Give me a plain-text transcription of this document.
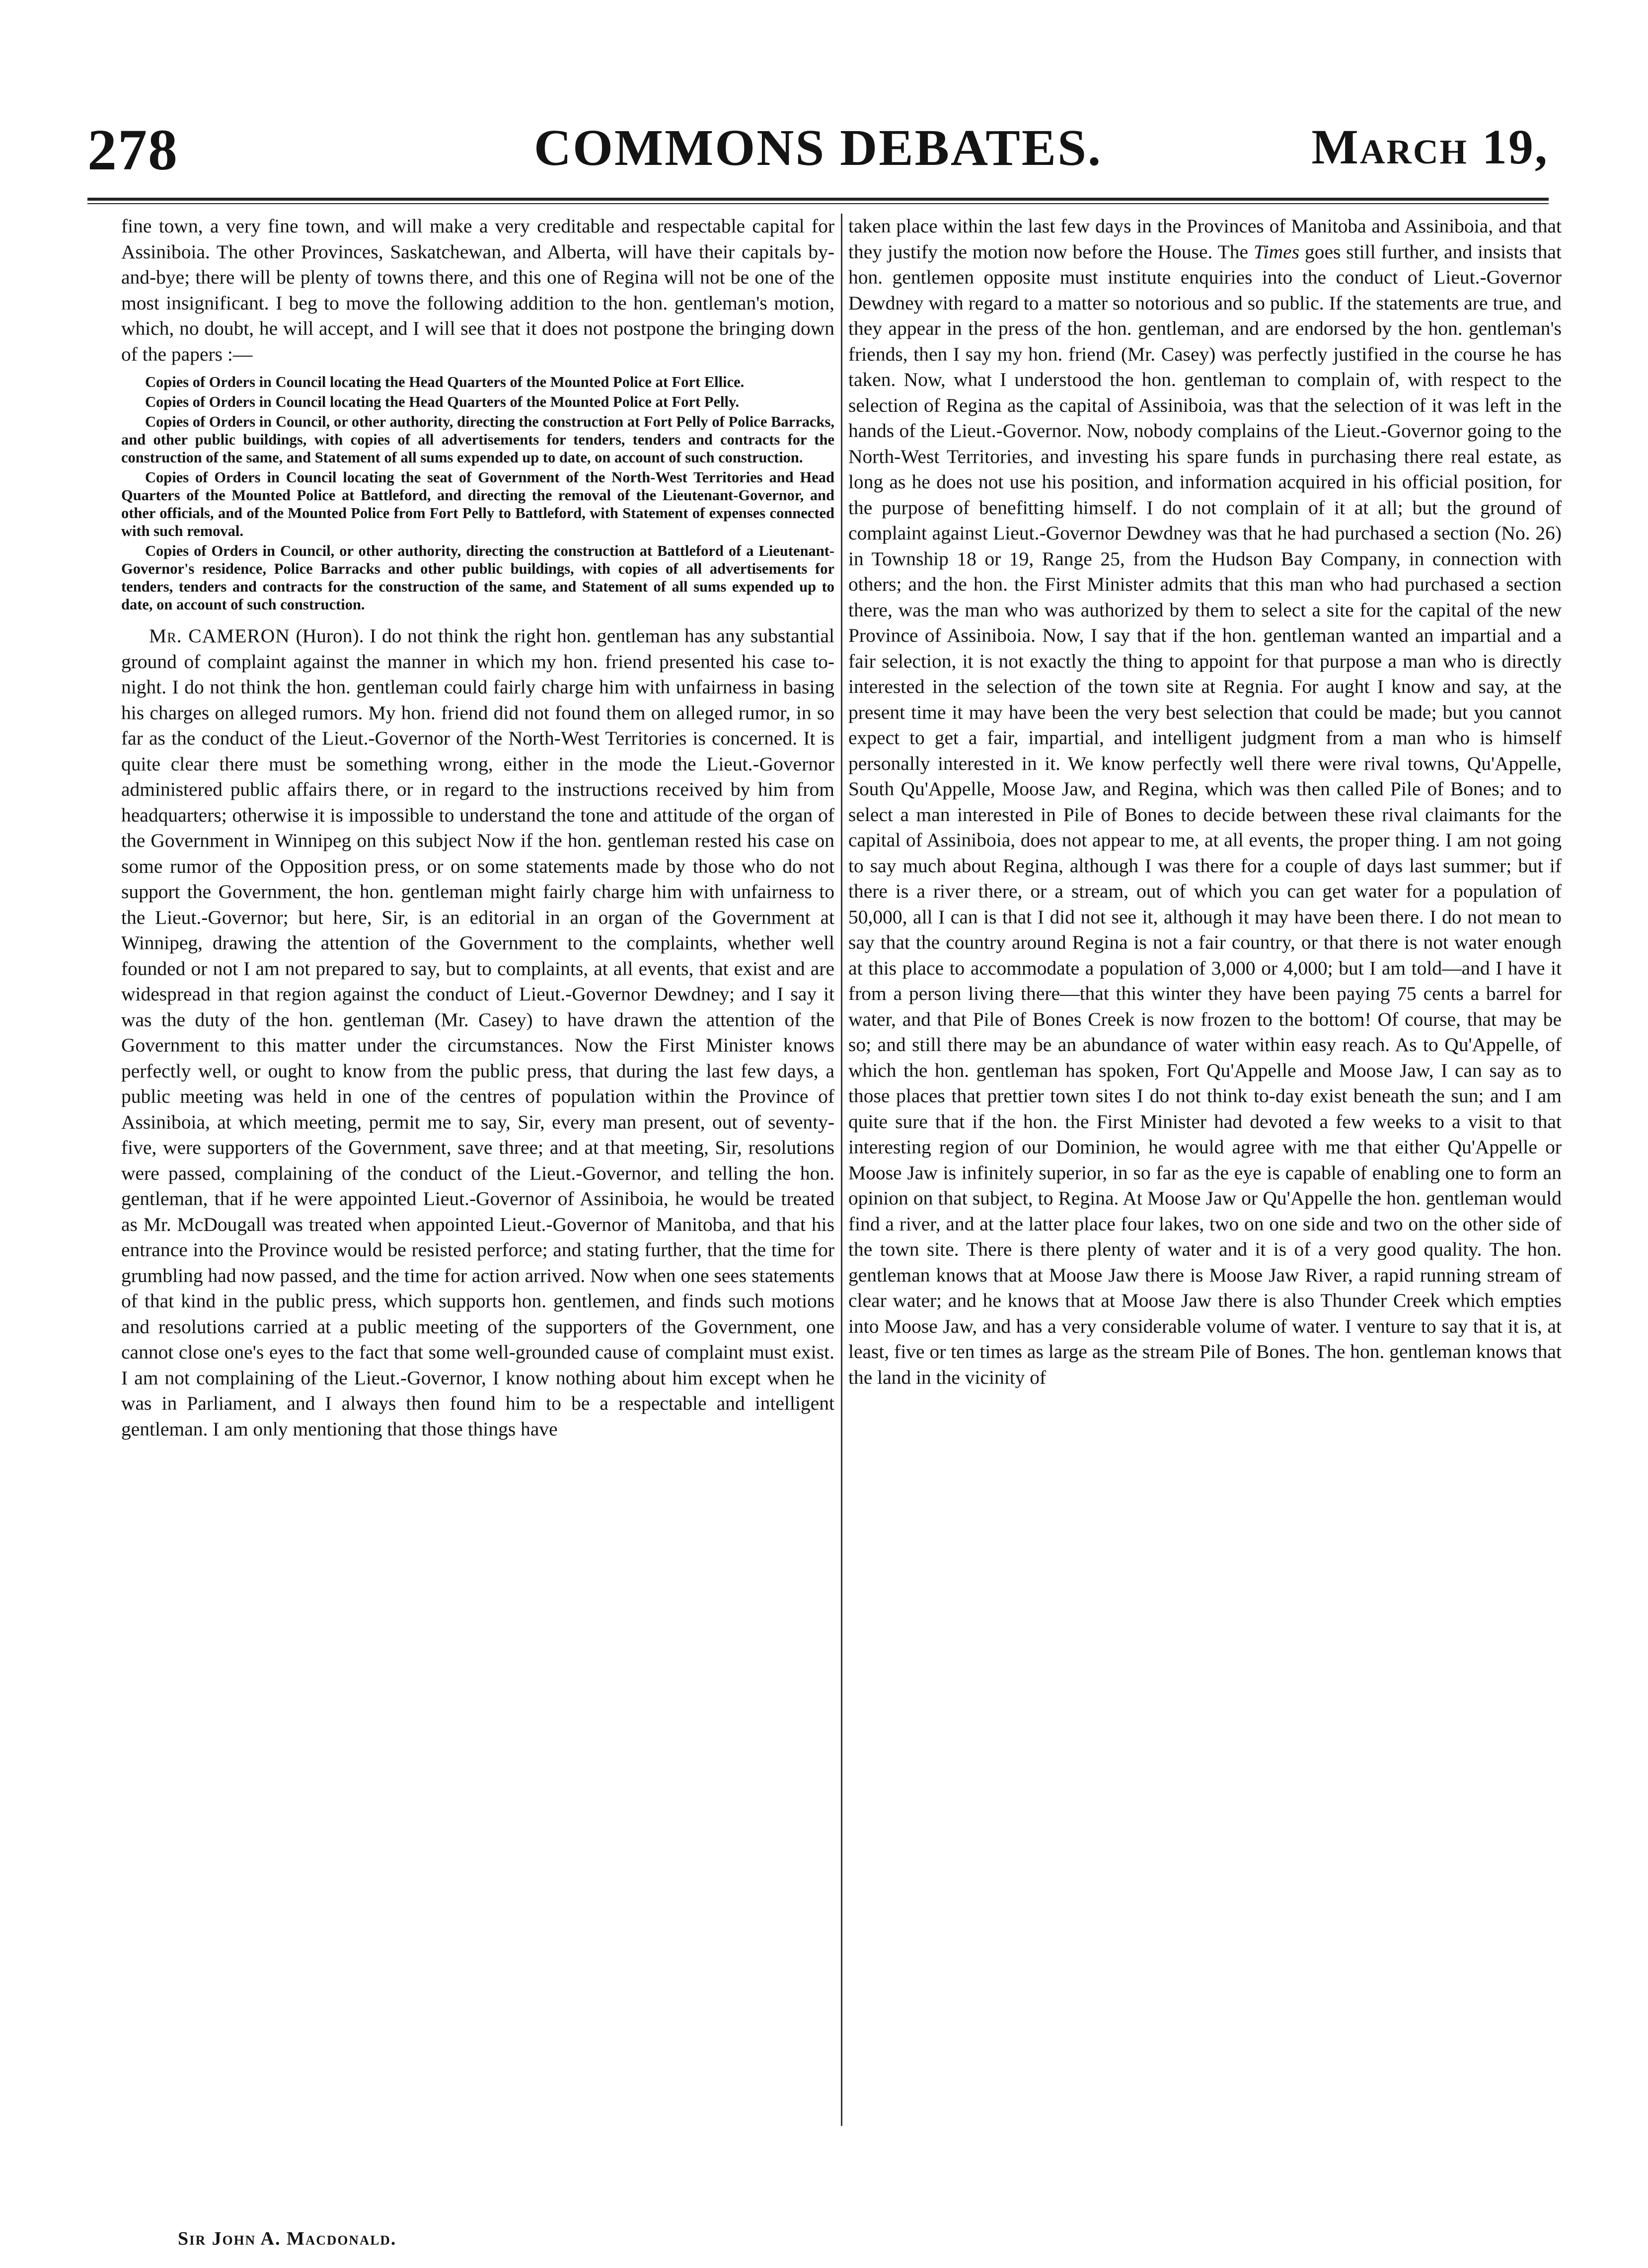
278	COMMONS DEBATES.	March 19,

fine town, a very fine town, and will make a very creditable and respectable capital for Assiniboia. The other Provinces, Saskatchewan, and Alberta, will have their capitals by-and-bye; there will be plenty of towns there, and this one of Regina will not be one of the most insignificant. I beg to move the following addition to the hon. gentleman's motion, which, no doubt, he will accept, and I will see that it does not postpone the bringing down of the papers :—

Copies of Orders in Council locating the Head Quarters of the Mounted Police at Fort Ellice.

Copies of Orders in Council locating the Head Quarters of the Mounted Police at Fort Pelly.

Copies of Orders in Council, or other authority, directing the construction at Fort Pelly of Police Barracks, and other public buildings, with copies of all advertisements for tenders, tenders and contracts for the construction of the same, and Statement of all sums expended up to date, on account of such construction.

Copies of Orders in Council locating the seat of Government of the North-West Territories and Head Quarters of the Mounted Police at Battleford, and directing the removal of the Lieutenant-Governor, and other officials, and of the Mounted Police from Fort Pelly to Battleford, with Statement of expenses connected with such removal.

Copies of Orders in Council, or other authority, directing the construction at Battleford of a Lieutenant-Governor's residence, Police Barracks and other public buildings, with copies of all advertisements for tenders, tenders and contracts for the construction of the same, and Statement of all sums expended up to date, on account of such construction.

Mr. CAMERON (Huron). I do not think the right hon. gentleman has any substantial ground of complaint against the manner in which my hon. friend presented his case to-night. I do not think the hon. gentleman could fairly charge him with unfairness in basing his charges on alleged rumors. My hon. friend did not found them on alleged rumor, in so far as the conduct of the Lieut.-Governor of the North-West Territories is concerned. It is quite clear there must be something wrong, either in the mode the Lieut.-Governor administered public affairs there, or in regard to the instructions received by him from headquarters; otherwise it is impossible to understand the tone and attitude of the organ of the Government in Winnipeg on this subject Now if the hon. gentleman rested his case on some rumor of the Opposition press, or on some statements made by those who do not support the Government, the hon. gentleman might fairly charge him with unfairness to the Lieut.-Governor; but here, Sir, is an editorial in an organ of the Government at Winnipeg, drawing the attention of the Government to the complaints, whether well founded or not I am not prepared to say, but to complaints, at all events, that exist and are widespread in that region against the conduct of Lieut.-Governor Dewdney; and I say it was the duty of the hon. gentleman (Mr. Casey) to have drawn the attention of the Government to this matter under the circumstances. Now the First Minister knows perfectly well, or ought to know from the public press, that during the last few days, a public meeting was held in one of the centres of population within the Province of Assiniboia, at which meeting, permit me to say, Sir, every man present, out of seventy-five, were supporters of the Government, save three; and at that meeting, Sir, resolutions were passed, complaining of the conduct of the Lieut.-Governor, and telling the hon. gentleman, that if he were appointed Lieut.-Governor of Assiniboia, he would be treated as Mr. McDougall was treated when appointed Lieut.-Governor of Manitoba, and that his entrance into the Province would be resisted perforce; and stating further, that the time for grumbling had now passed, and the time for action arrived. Now when one sees statements of that kind in the public press, which supports hon. gentlemen, and finds such motions and resolutions carried at a public meeting of the supporters of the Government, one cannot close one's eyes to the fact that some well-grounded cause of complaint must exist. I am not complaining of the Lieut.-Governor, I know nothing about him except when he was in Parliament, and I always then found him to be a respectable and intelligent gentleman. I am only mentioning that those things have

taken place within the last few days in the Provinces of Manitoba and Assiniboia, and that they justify the motion now before the House. The Times goes still further, and insists that hon. gentlemen opposite must institute enquiries into the conduct of Lieut.-Governor Dewdney with regard to a matter so notorious and so public. If the statements are true, and they appear in the press of the hon. gentleman, and are endorsed by the hon. gentleman's friends, then I say my hon. friend (Mr. Casey) was perfectly justified in the course he has taken. Now, what I understood the hon. gentleman to complain of, with respect to the selection of Regina as the capital of Assiniboia, was that the selection of it was left in the hands of the Lieut.-Governor. Now, nobody complains of the Lieut.-Governor going to the North-West Territories, and investing his spare funds in purchasing there real estate, as long as he does not use his position, and information acquired in his official position, for the purpose of benefitting himself. I do not complain of it at all; but the ground of complaint against Lieut.-Governor Dewdney was that he had purchased a section (No. 26) in Township 18 or 19, Range 25, from the Hudson Bay Company, in connection with others; and the hon. the First Minister admits that this man who had purchased a section there, was the man who was authorized by them to select a site for the capital of the new Province of Assiniboia. Now, I say that if the hon. gentleman wanted an impartial and a fair selection, it is not exactly the thing to appoint for that purpose a man who is directly interested in the selection of the town site at Regnia. For aught I know and say, at the present time it may have been the very best selection that could be made; but you cannot expect to get a fair, impartial, and intelligent judgment from a man who is himself personally interested in it. We know perfectly well there were rival towns, Qu'Appelle, South Qu'Appelle, Moose Jaw, and Regina, which was then called Pile of Bones; and to select a man interested in Pile of Bones to decide between these rival claimants for the capital of Assiniboia, does not appear to me, at all events, the proper thing. I am not going to say much about Regina, although I was there for a couple of days last summer; but if there is a river there, or a stream, out of which you can get water for a population of 50,000, all I can is that I did not see it, although it may have been there. I do not mean to say that the country around Regina is not a fair country, or that there is not water enough at this place to accommodate a population of 3,000 or 4,000; but I am told—and I have it from a person living there—that this winter they have been paying 75 cents a barrel for water, and that Pile of Bones Creek is now frozen to the bottom! Of course, that may be so; and still there may be an abundance of water within easy reach. As to Qu'Appelle, of which the hon. gentleman has spoken, Fort Qu'Appelle and Moose Jaw, I can say as to those places that prettier town sites I do not think to-day exist beneath the sun; and I am quite sure that if the hon. the First Minister had devoted a few weeks to a visit to that interesting region of our Dominion, he would agree with me that either Qu'Appelle or Moose Jaw is infinitely superior, in so far as the eye is capable of enabling one to form an opinion on that subject, to Regina. At Moose Jaw or Qu'Appelle the hon. gentleman would find a river, and at the latter place four lakes, two on one side and two on the other side of the town site. There is there plenty of water and it is of a very good quality. The hon. gentleman knows that at Moose Jaw there is Moose Jaw River, a rapid running stream of clear water; and he knows that at Moose Jaw there is also Thunder Creek which empties into Moose Jaw, and has a very considerable volume of water. I venture to say that it is, at least, five or ten times as large as the stream Pile of Bones. The hon. gentleman knows that the land in the vicinity of

Sir John A. Macdonald.
